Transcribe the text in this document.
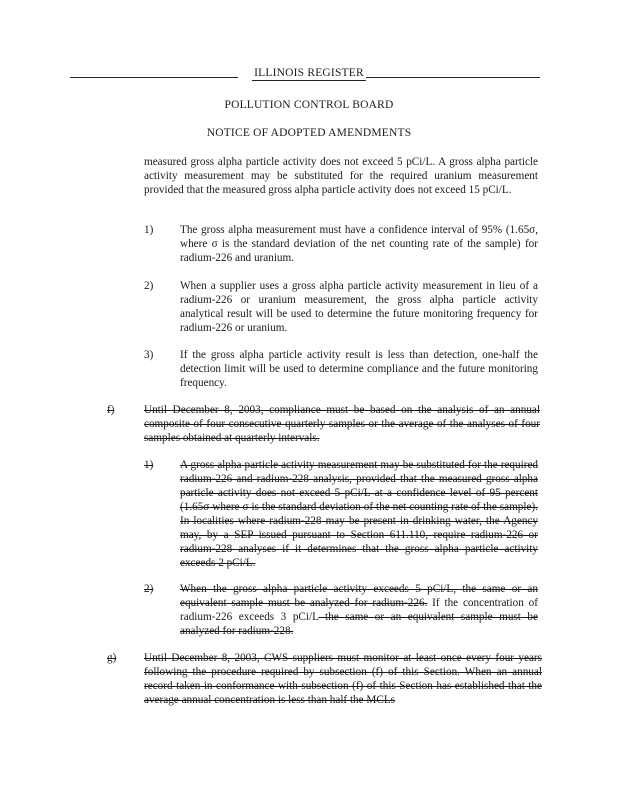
ILLINOIS REGISTER
POLLUTION CONTROL BOARD
NOTICE OF ADOPTED AMENDMENTS

measured gross alpha particle activity does not exceed 5 pCi/L. A gross alpha particle activity measurement may be substituted for the required uranium measurement provided that the measured gross alpha particle activity does not exceed 15 pCi/L.

1) The gross alpha measurement must have a confidence interval of 95% (1.65σ, where σ is the standard deviation of the net counting rate of the sample) for radium-226 and uranium.

2) When a supplier uses a gross alpha particle activity measurement in lieu of a radium-226 or uranium measurement, the gross alpha particle activity analytical result will be used to determine the future monitoring frequency for radium-226 or uranium.

3) If the gross alpha particle activity result is less than detection, one-half the detection limit will be used to determine compliance and the future monitoring frequency.

f)	Until December 8, 2003, compliance must be based on the analysis of an annual composite of four consecutive quarterly samples or the average of the analyses of four samples obtained at quarterly intervals.

1) A gross alpha particle activity measurement may be substituted for the required radium-226 and radium-228 analysis, provided that the measured gross alpha particle activity does not exceed 5 pCi/L at a confidence level of 95 percent (1.65σ where σ is the standard deviation of the net counting rate of the sample). In localities where radium-228 may be present in drinking water, the Agency may, by a SEP issued pursuant to Section 611.110, require radium-226 or radium-228 analyses if it determines that the gross alpha particle activity exceeds 2 pCi/L.

2) When the gross alpha particle activity exceeds 5 pCi/L, the same or an equivalent sample must be analyzed for radium-226. If the concentration of radium-226 exceeds 3 pCi/L the same or an equivalent sample must be analyzed for radium-228.

g) Until December 8, 2003, CWS suppliers must monitor at least once every four years following the procedure required by subsection (f) of this Section. When an annual record taken in conformance with subsection (f) of this Section has established that the average annual concentration is less than half the MCLs
